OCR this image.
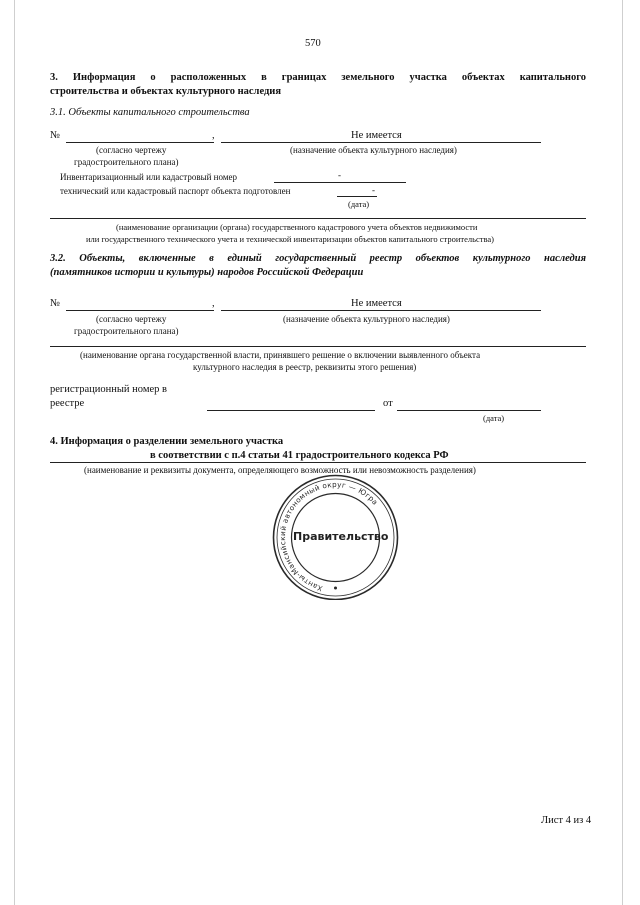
570
3. Информация о расположенных в границах земельного участка объектах капитального
строительства и объектах культурного наследия
3.1. Объекты капитального строительства
№	,	Не имеется
(согласно чертежу
градостроительного плана)
(назначение объекта культурного наследия)
Инвентаризационный или кадастровый номер	-
технический или кадастровый паспорт объекта подготовлен	-
(дата)
(наименование организации (органа) государственного кадастрового учета объектов недвижимости
или государственного технического учета и технической инвентаризации объектов капитального строительства)
3.2. Объекты, включенные в единый государственный реестр объектов культурного наследия
(памятников истории и культуры) народов Российской Федерации
№	,	Не имеется
(согласно чертежу
градостроительного плана)
(назначение объекта культурного наследия)
(наименование органа государственной власти, принявшего решение о включении выявленного объекта
культурного наследия в реестр, реквизиты этого решения)
регистрационный номер в
реестре	от
(дата)
4. Информация о разделении земельного участка
в соответствии с п.4 статьи 41 градостроительного кодекса РФ
(наименование и реквизиты документа, определяющего возможность или невозможность разделения)
Ханты-Мансийский автономный округ — Югра
Правительство
Лист 4 из 4
